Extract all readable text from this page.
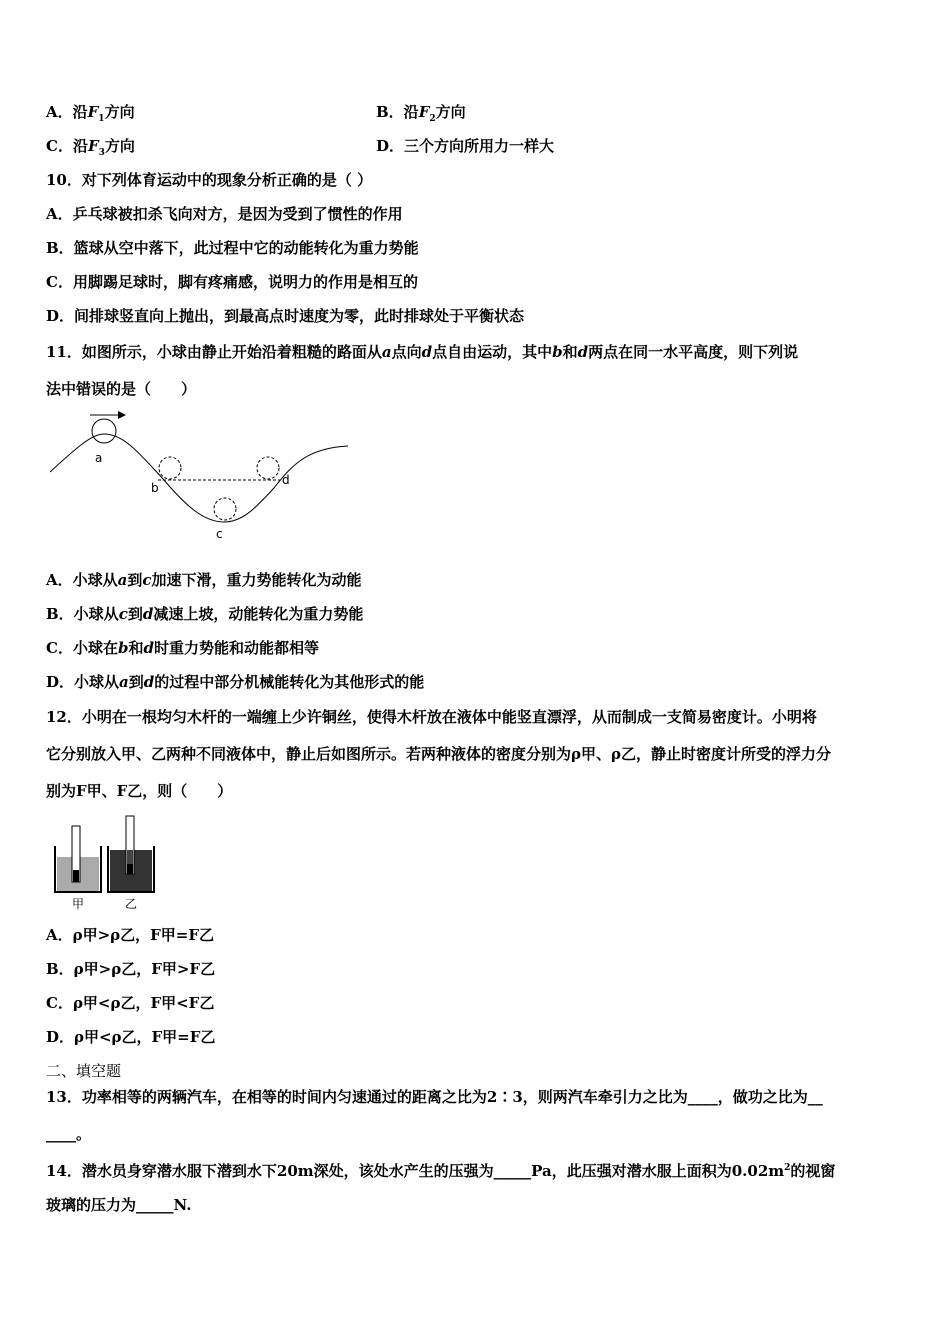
A．沿$F_1$方向	B．沿$F_2$方向
C．沿$F_3$方向	D．三个方向所用力一样大
10．对下列体育运动中的现象分析正确的是（ ）
A．乒乓球被扣杀飞向对方，是因为受到了惯性的作用
B．篮球从空中落下，此过程中它的动能转化为重力势能
C．用脚踢足球时，脚有疼痛感，说明力的作用是相互的
D．间排球竖直向上抛出，到最高点时速度为零，此时排球处于平衡状态
11．如图所示，小球由静止开始沿着粗糙的路面从a点向d点自由运动，其中b和d两点在同一水平高度，则下列说
法中错误的是（　　）
a
b
c
d
A．小球从a到c加速下滑，重力势能转化为动能
B．小球从c到d减速上坡，动能转化为重力势能
C．小球在b和d时重力势能和动能都相等
D．小球从a到d的过程中部分机械能转化为其他形式的能
12．小明在一根均匀木杆的一端缠上少许铜丝，使得木杆放在液体中能竖直漂浮，从而制成一支简易密度计。小明将
它分别放入甲、乙两种不同液体中，静止后如图所示。若两种液体的密度分别为ρ甲、ρ乙，静止时密度计所受的浮力分
别为F甲、F乙，则（　　）
甲	乙
A．ρ甲>ρ乙，F甲=F乙
B．ρ甲>ρ乙，F甲>F乙
C．ρ甲<ρ乙，F甲<F乙
D．ρ甲<ρ乙，F甲=F乙
二、填空题
13．功率相等的两辆汽车，在相等的时间内匀速通过的距离之比为2∶3，则两汽车牵引力之比为____，做功之比为__
____。
14．潜水员身穿潜水服下潜到水下20m深处，该处水产生的压强为_____Pa，此压强对潜水服上面积为$0.02m^2$的视窗
玻璃的压力为_____N.
